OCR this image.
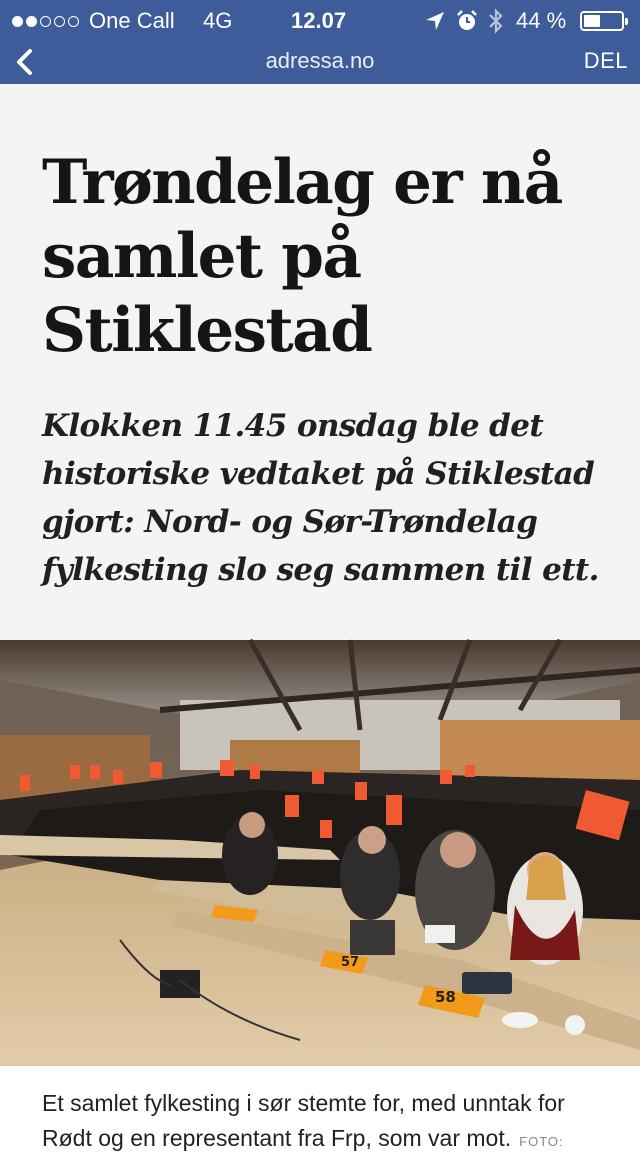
One Call 4G	12.07	44 %
adressa.no	DEL
Trøndelag er nå samlet på Stiklestad

Klokken 11.45 onsdag ble det historiske vedtaket på Stiklestad gjort: Nord- og Sør-Trøndelag fylkesting slo seg sammen til ett.

57
58

Et samlet fylkesting i sør stemte for, med unntak for Rødt og en representant fra Frp, som var mot. FOTO:
